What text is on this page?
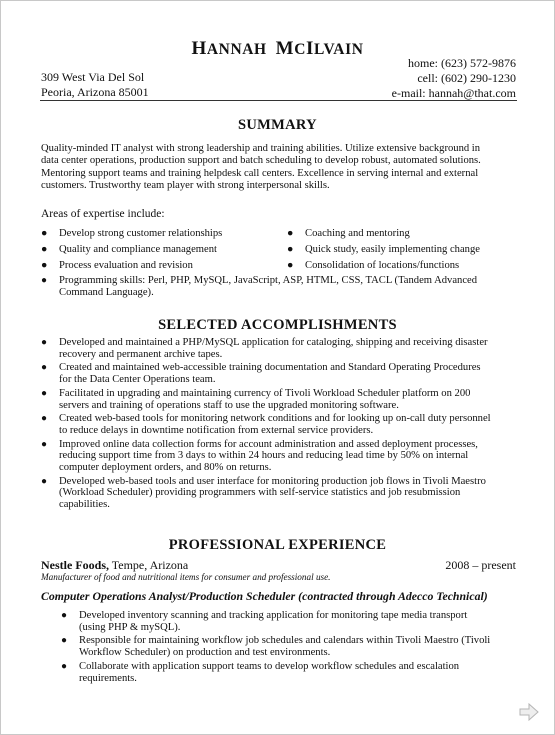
HANNAH MCILVAIN
309 West Via Del Sol
Peoria, Arizona 85001
home: (623) 572-9876
cell: (602) 290-1230
e-mail: hannah@that.com
SUMMARY
Quality-minded IT analyst with strong leadership and training abilities. Utilize extensive background in
data center operations, production support and batch scheduling to develop robust, automated solutions.
Mentoring support teams and training helpdesk call centers. Excellence in serving internal and external
customers. Trustworthy team player with strong interpersonal skills.
Areas of expertise include:
● Develop strong customer relationships
● Quality and compliance management
● Process evaluation and revision
● Coaching and mentoring
● Quick study, easily implementing change
● Consolidation of locations/functions
● Programming skills: Perl, PHP, MySQL, JavaScript, ASP, HTML, CSS, TACL (Tandem Advanced
Command Language).
SELECTED ACCOMPLISHMENTS
● Developed and maintained a PHP/MySQL application for cataloging, shipping and receiving disaster
recovery and permanent archive tapes.
● Created and maintained web-accessible training documentation and Standard Operating Procedures
for the Data Center Operations team.
● Facilitated in upgrading and maintaining currency of Tivoli Workload Scheduler platform on 200
servers and training of operations staff to use the upgraded monitoring software.
● Created web-based tools for monitoring network conditions and for looking up on-call duty personnel
to reduce delays in downtime notification from external service providers.
● Improved online data collection forms for account administration and assed deployment processes,
reducing support time from 3 days to within 24 hours and reducing lead time by 50% on internal
computer deployment orders, and 80% on returns.
● Developed web-based tools and user interface for monitoring production job flows in Tivoli Maestro
(Workload Scheduler) providing programmers with self-service statistics and job resubmission
capabilities.
PROFESSIONAL EXPERIENCE
Nestle Foods, Tempe, Arizona	2008 – present
Manufacturer of food and nutritional items for consumer and professional use.
Computer Operations Analyst/Production Scheduler (contracted through Adecco Technical)
● Developed inventory scanning and tracking application for monitoring tape media transport
(using PHP & mySQL).
● Responsible for maintaining workflow job schedules and calendars within Tivoli Maestro (Tivoli
Workflow Scheduler) on production and test environments.
● Collaborate with application support teams to develop workflow schedules and escalation
requirements.
